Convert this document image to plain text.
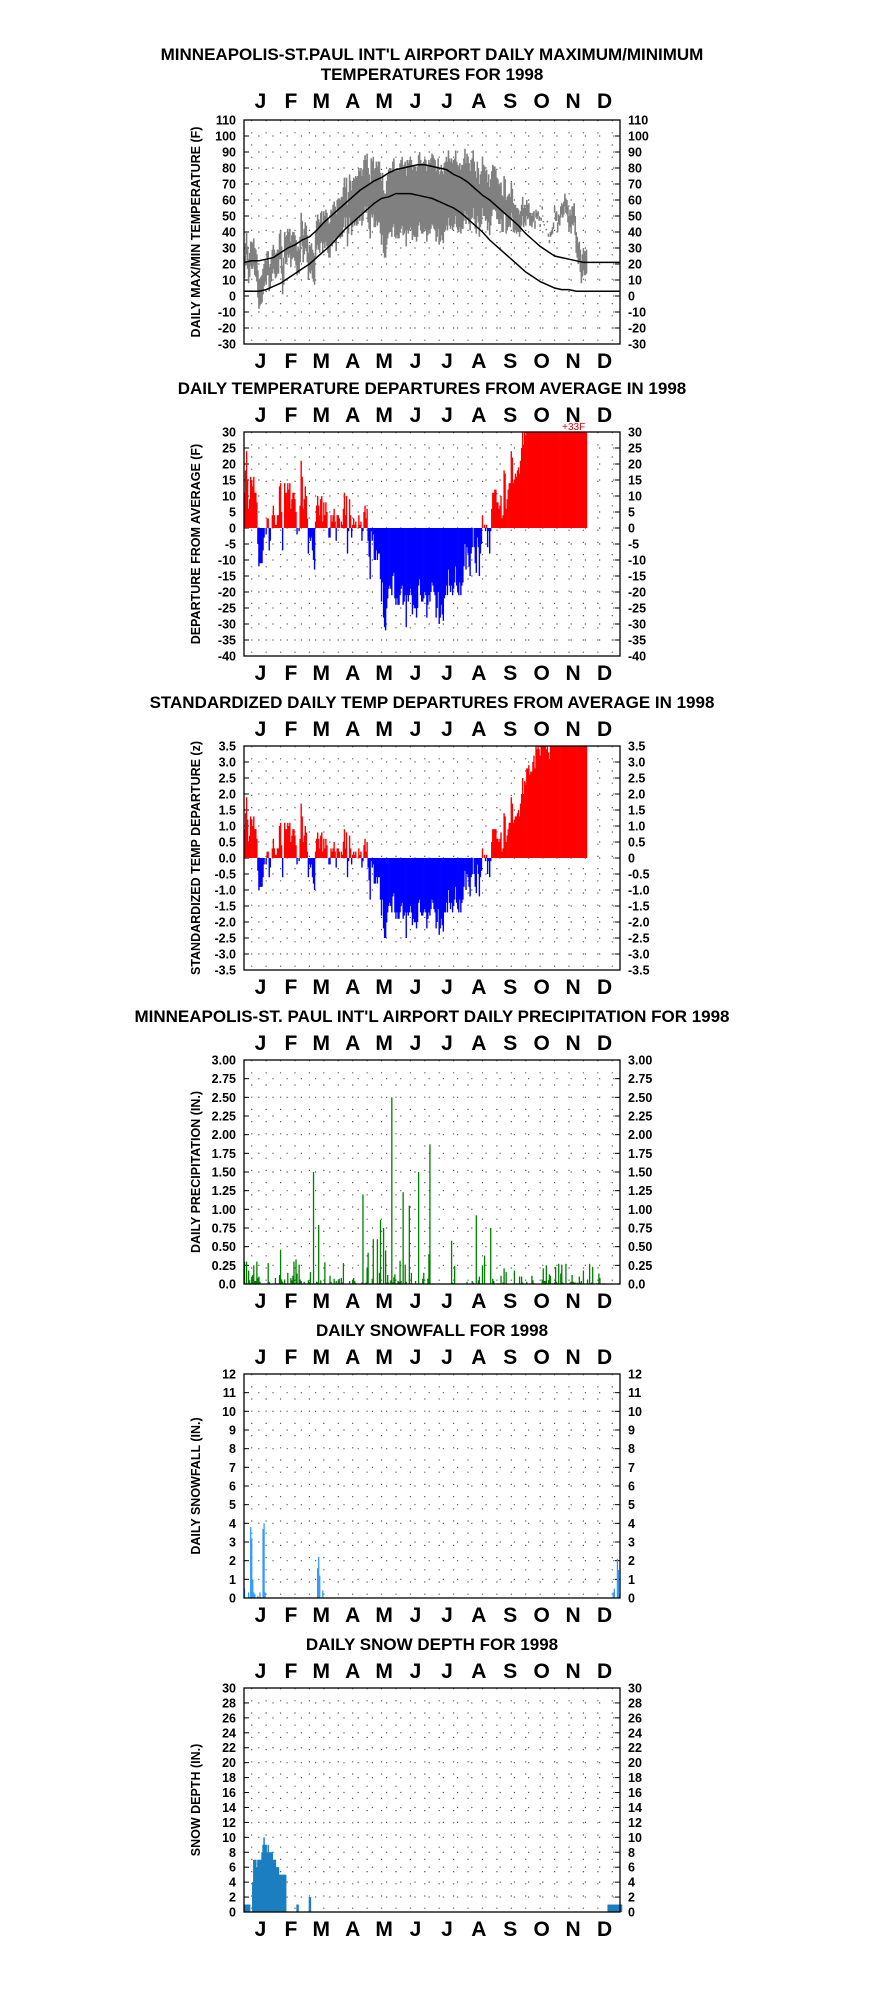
MINNEAPOLIS-ST.PAUL INT'L AIRPORT DAILY MAXIMUM/MINIMUM
TEMPERATURES FOR 1998
J
J
F
F
M
M
A
A
M
M
J
J
J
J
A
A
S
S
O
O
N
N
D
D
-30	-30
-20	-20
-10	-10
0	0
10	10
20	20
30	30
40	40
50	50
60	60
70	70
80	80
90	90
100	100
110	110
DAILY MAX/MIN TEMPERATURE (F)
DAILY TEMPERATURE DEPARTURES FROM AVERAGE IN 1998
J
J
F
F
M
M
A
A
M
M
J
J
J
J
A
A
S
S
O
O
N
N
D
D
-40	-40
-35	-35
-30	-30
-25	-25
-20	-20
-15	-15
-10	-10
-5	-5
0	0
5	5
10	10
15	15
20	20
25	25
30	30
DEPARTURE FROM AVERAGE (F)
+33F
STANDARDIZED DAILY TEMP DEPARTURES FROM AVERAGE IN 1998
J
J
F
F
M
M
A
A
M
M
J
J
J
J
A
A
S
S
O
O
N
N
D
D
-3.5	-3.5
-3.0	-3.0
-2.5	-2.5
-2.0	-2.0
-1.5	-1.5
-1.0	-1.0
-0.5	-0.5
0.0	0
0.5	0.5
1.0	1.0
1.5	1.5
2.0	2.0
2.5	2.5
3.0	3.0
3.5	3.5
STANDARDIZED TEMP DEPARTURE (z)
MINNEAPOLIS-ST. PAUL INT'L AIRPORT DAILY PRECIPITATION FOR 1998
J
J
F
F
M
M
A
A
M
M
J
J
J
J
A
A
S
S
O
O
N
N
D
D
0.0	0.0
0.25	0.25
0.50	0.50
0.75	0.75
1.00	1.00
1.25	1.25
1.50	1.50
1.75	1.75
2.00	2.00
2.25	2.25
2.50	2.50
2.75	2.75
3.00	3.00
DAILY PRECIPITATION (IN.)
DAILY SNOWFALL FOR 1998
J
J
F
F
M
M
A
A
M
M
J
J
J
J
A
A
S
S
O
O
N
N
D
D
0	0
1	1
2	2
3	3
4	4
5	5
6	6
7	7
8	8
9	9
10	10
11	11
12	12
DAILY SNOWFALL (IN.)
DAILY SNOW DEPTH FOR 1998
J
J
F
F
M
M
A
A
M
M
J
J
J
J
A
A
S
S
O
O
N
N
D
D
0	0
2	2
4	4
6	6
8	8
10	10
12	12
14	14
16	16
18	18
20	20
22	22
24	24
26	26
28	28
30	30
SNOW DEPTH (IN.)
